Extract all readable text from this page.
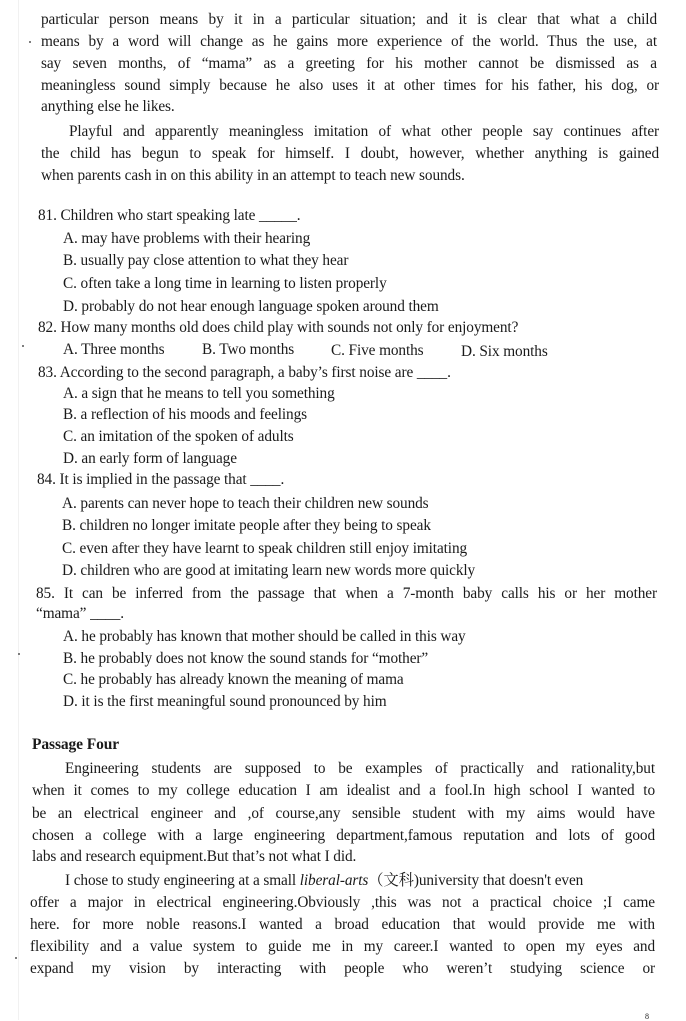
particular person means by it in a particular situation; and it is clear that what a child
means by a word will change as he gains more experience of the world. Thus the use, at
say seven months, of “mama” as a greeting for his mother cannot be dismissed as a
meaningless sound simply because he also uses it at other times for his father, his dog, or
anything else he likes.
Playful and apparently meaningless imitation of what other people say continues after
the child has begun to speak for himself. I doubt, however, whether anything is gained
when parents cash in on this ability in an attempt to teach new sounds.
81. Children who start speaking late _____.
A. may have problems with their hearing
B. usually pay close attention to what they hear
C. often take a long time in learning to listen properly
D. probably do not hear enough language spoken around them
82. How many months old does child play with sounds not only for enjoyment?
A. Three months B. Two months C. Five months D. Six months
83. According to the second paragraph, a baby’s first noise are ____.
A. a sign that he means to tell you something
B. a reflection of his moods and feelings
C. an imitation of the spoken of adults
D. an early form of language
84. It is implied in the passage that ____.
A. parents can never hope to teach their children new sounds
B. children no longer imitate people after they being to speak
C. even after they have learnt to speak children still enjoy imitating
D. children who are good at imitating learn new words more quickly
85. It can be inferred from the passage that when a 7-month baby calls his or her mother
“mama” ____.
A. he probably has known that mother should be called in this way
B. he probably does not know the sound stands for “mother”
C. he probably has already known the meaning of mama
D. it is the first meaningful sound pronounced by him
Passage Four
Engineering students are supposed to be examples of practically and rationality,but
when it comes to my college education I am idealist and a fool.In high school I wanted to
be an electrical engineer and ,of course,any sensible student with my aims would have
chosen a college with a large engineering department,famous reputation and lots of good
labs and research equipment.But that’s not what I did.
I chose to study engineering at a small liberal-arts（文科)university that doesn't even
offer a major in electrical engineering.Obviously ,this was not a practical choice ;I came
here. for more noble reasons.I wanted a broad education that would provide me with
flexibility and a value system to guide me in my career.I wanted to open my eyes and
expand my vision by interacting with people who weren’t studying science or
8
